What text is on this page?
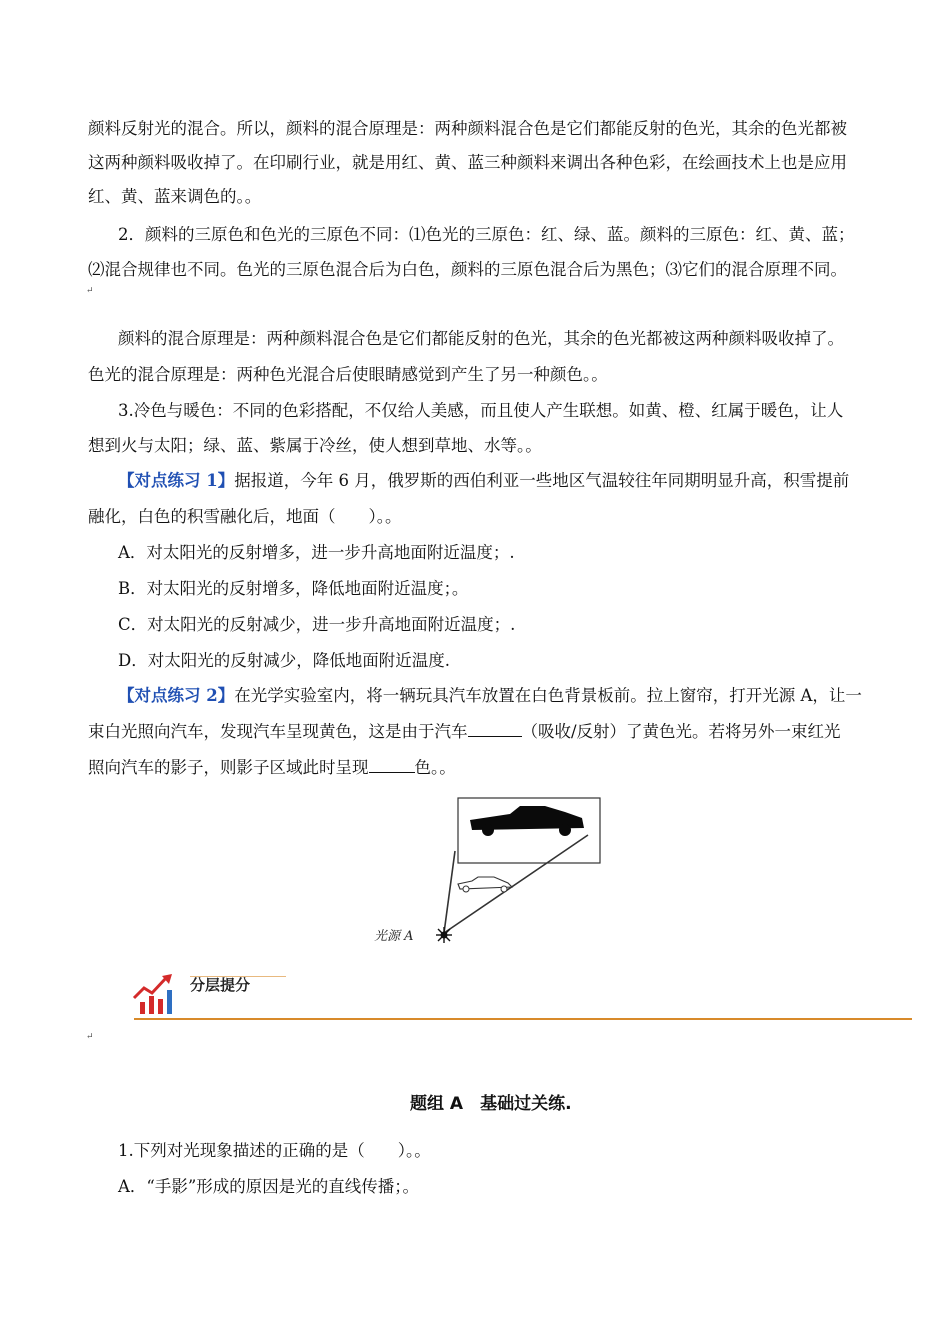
颜料反射光的混合。所以，颜料的混合原理是：两种颜料混合色是它们都能反射的色光，其余的色光都被
这两种颜料吸收掉了。在印刷行业，就是用红、黄、蓝三种颜料来调出各种色彩，在绘画技术上也是应用
红、黄、蓝来调色的。。
2．颜料的三原色和色光的三原色不同：⑴色光的三原色：红、绿、蓝。颜料的三原色：红、黄、蓝；
⑵混合规律也不同。色光的三原色混合后为白色，颜料的三原色混合后为黑色；⑶它们的混合原理不同。
↵
颜料的混合原理是：两种颜料混合色是它们都能反射的色光，其余的色光都被这两种颜料吸收掉了。
色光的混合原理是：两种色光混合后使眼睛感觉到产生了另一种颜色。。
3.冷色与暖色：不同的色彩搭配，不仅给人美感，而且使人产生联想。如黄、橙、红属于暖色，让人
想到火与太阳；绿、蓝、紫属于冷丝，使人想到草地、水等。。
【对点练习 1】据报道，今年 6 月，俄罗斯的西伯利亚一些地区气温较往年同期明显升高，积雪提前
融化，白色的积雪融化后，地面（　　）。。
A．对太阳光的反射增多，进一步升高地面附近温度；.
B．对太阳光的反射增多，降低地面附近温度；。
C．对太阳光的反射减少，进一步升高地面附近温度；.
D．对太阳光的反射减少，降低地面附近温度.
【对点练习 2】在光学实验室内，将一辆玩具汽车放置在白色背景板前。拉上窗帘，打开光源 A，让一
束白光照向汽车，发现汽车呈现黄色，这是由于汽车	（吸收/反射）了黄色光。若将另外一束红光
照向汽车的影子，则影子区域此时呈现	色。。
光源 A
分层提分
↵
题组 A　基础过关练.
1.下列对光现象描述的正确的是（　　）。。
A．“手影”形成的原因是光的直线传播；。
